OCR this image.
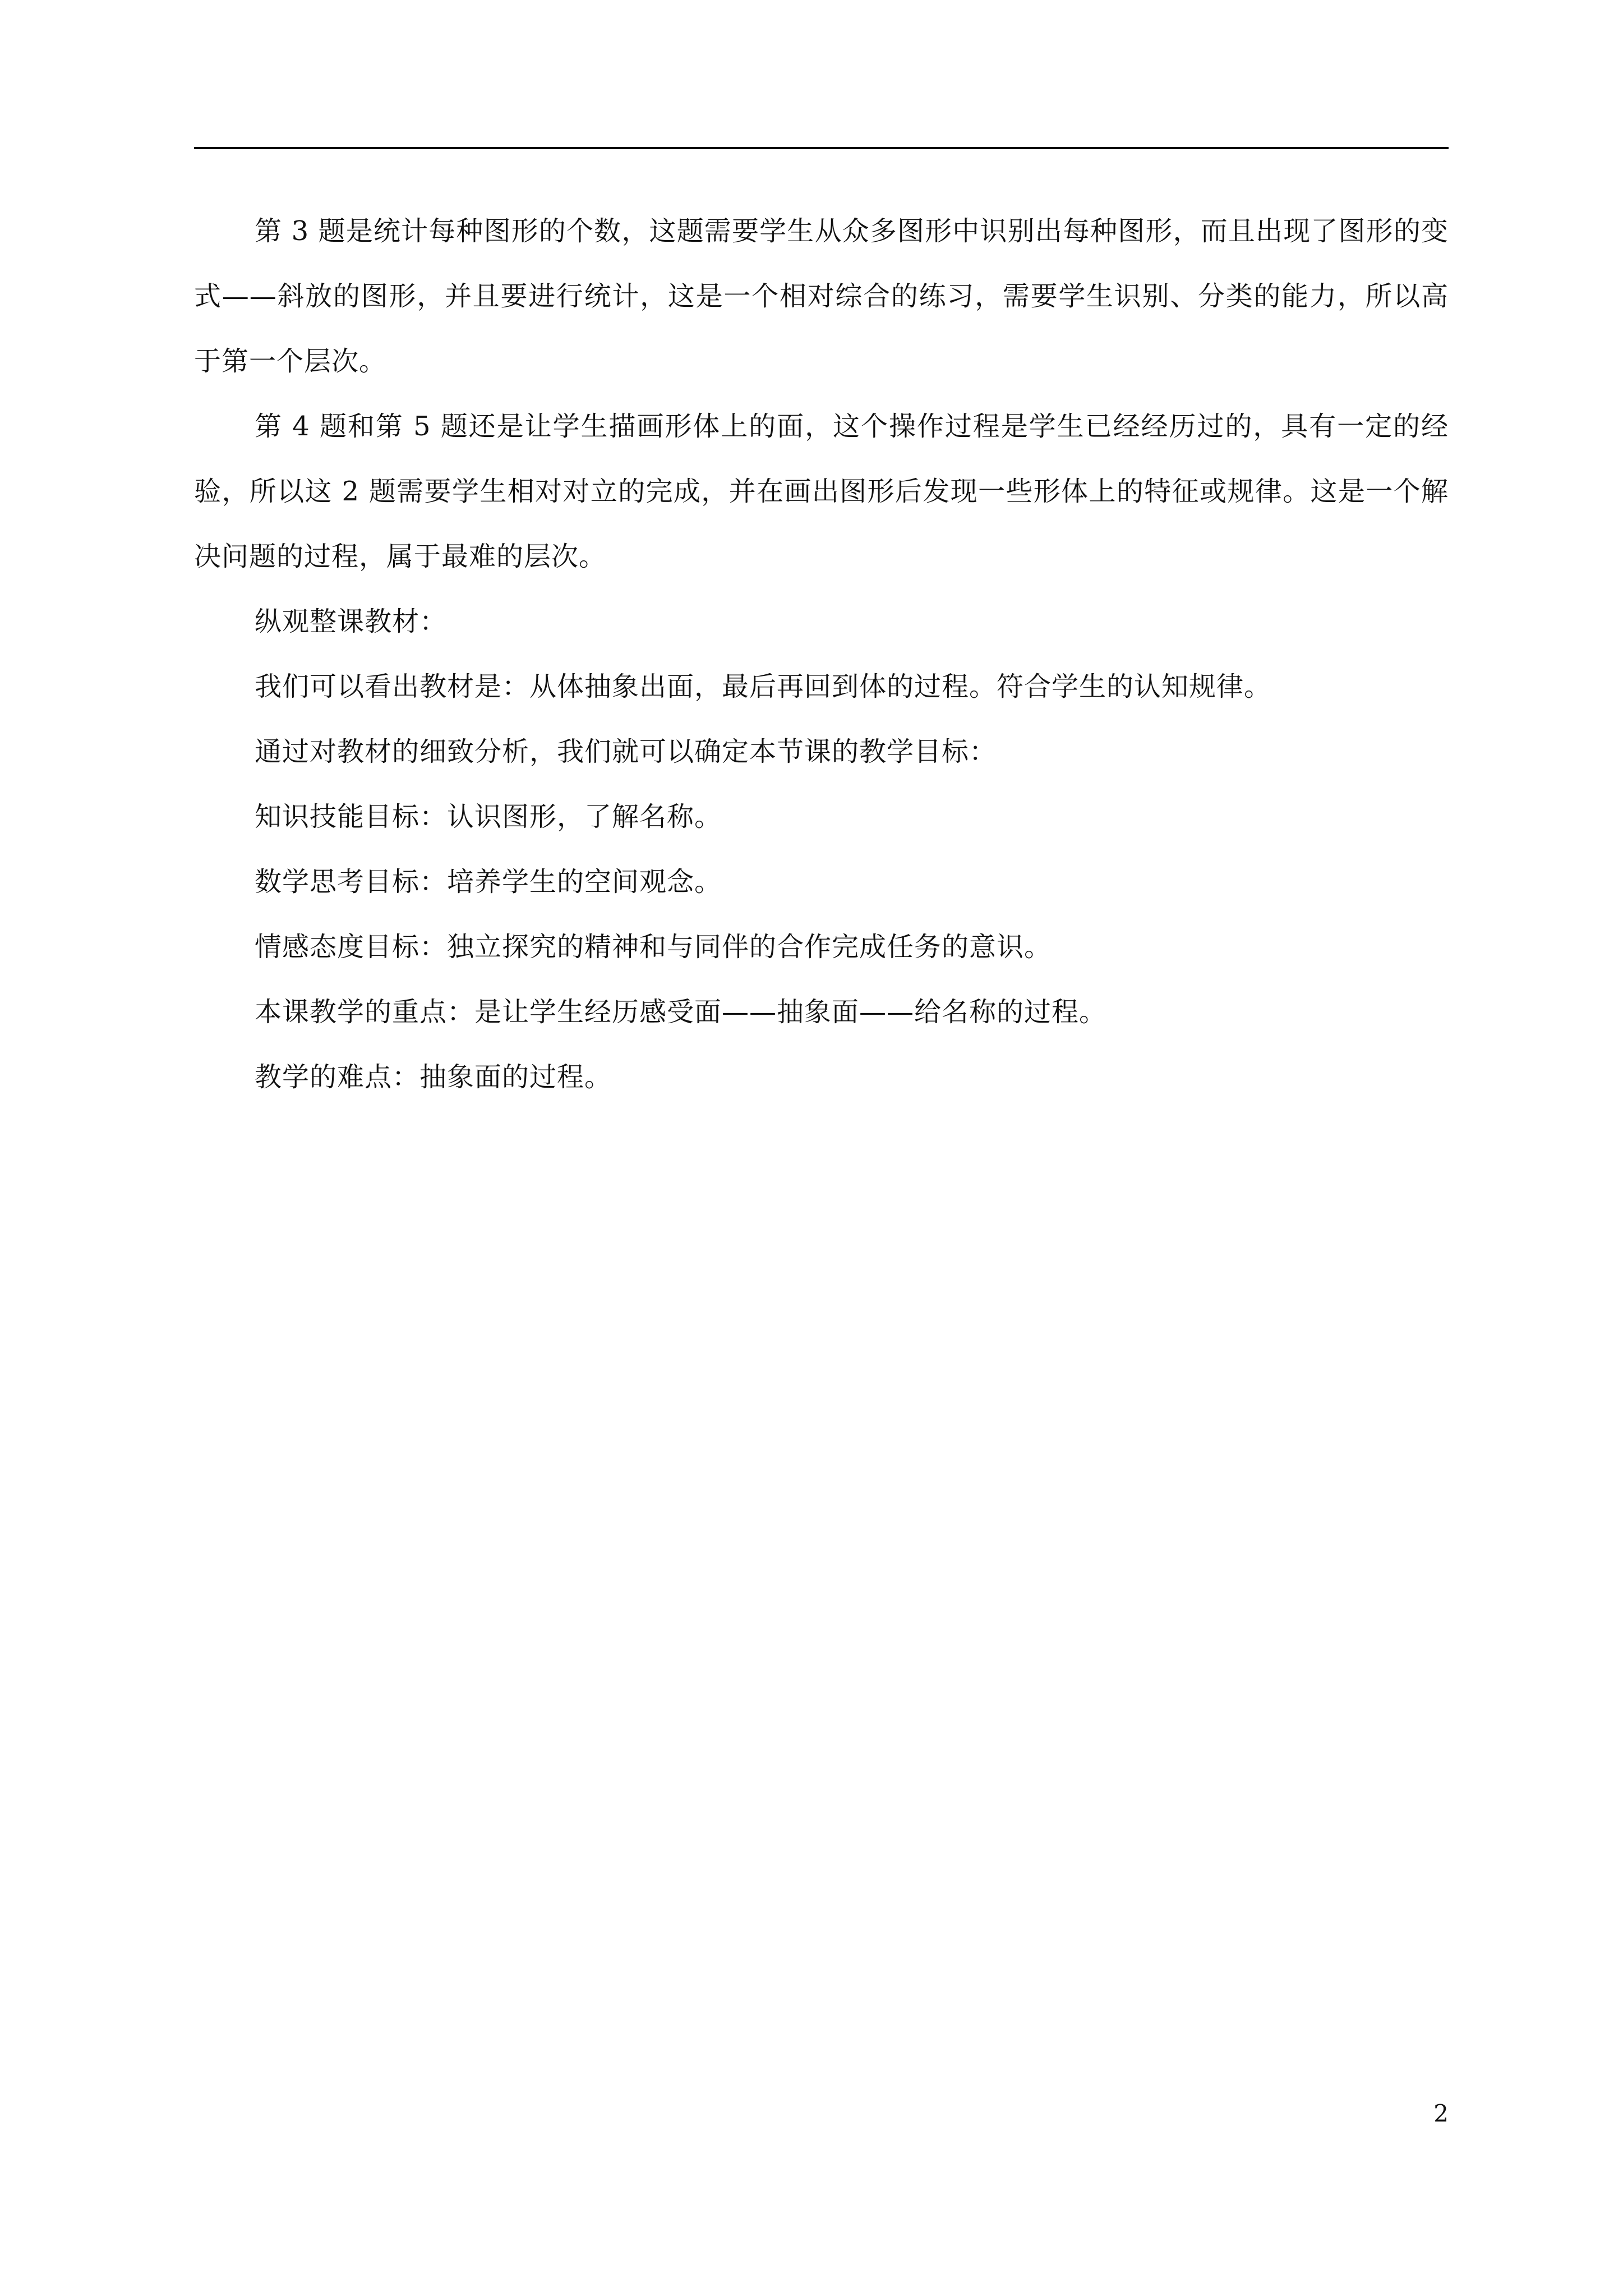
第 3 题是统计每种图形的个数，这题需要学生从众多图形中识别出每种图形，而且出现了图形的变式——斜放的图形，并且要进行统计，这是一个相对综合的练习，需要学生识别、分类的能力，所以高于第一个层次。

第 4 题和第 5 题还是让学生描画形体上的面，这个操作过程是学生已经经历过的，具有一定的经验，所以这 2 题需要学生相对对立的完成，并在画出图形后发现一些形体上的特征或规律。这是一个解决问题的过程，属于最难的层次。

纵观整课教材：

我们可以看出教材是：从体抽象出面，最后再回到体的过程。符合学生的认知规律。

通过对教材的细致分析，我们就可以确定本节课的教学目标：

知识技能目标：认识图形，了解名称。

数学思考目标：培养学生的空间观念。

情感态度目标：独立探究的精神和与同伴的合作完成任务的意识。

本课教学的重点：是让学生经历感受面——抽象面——给名称的过程。

教学的难点：抽象面的过程。

2
